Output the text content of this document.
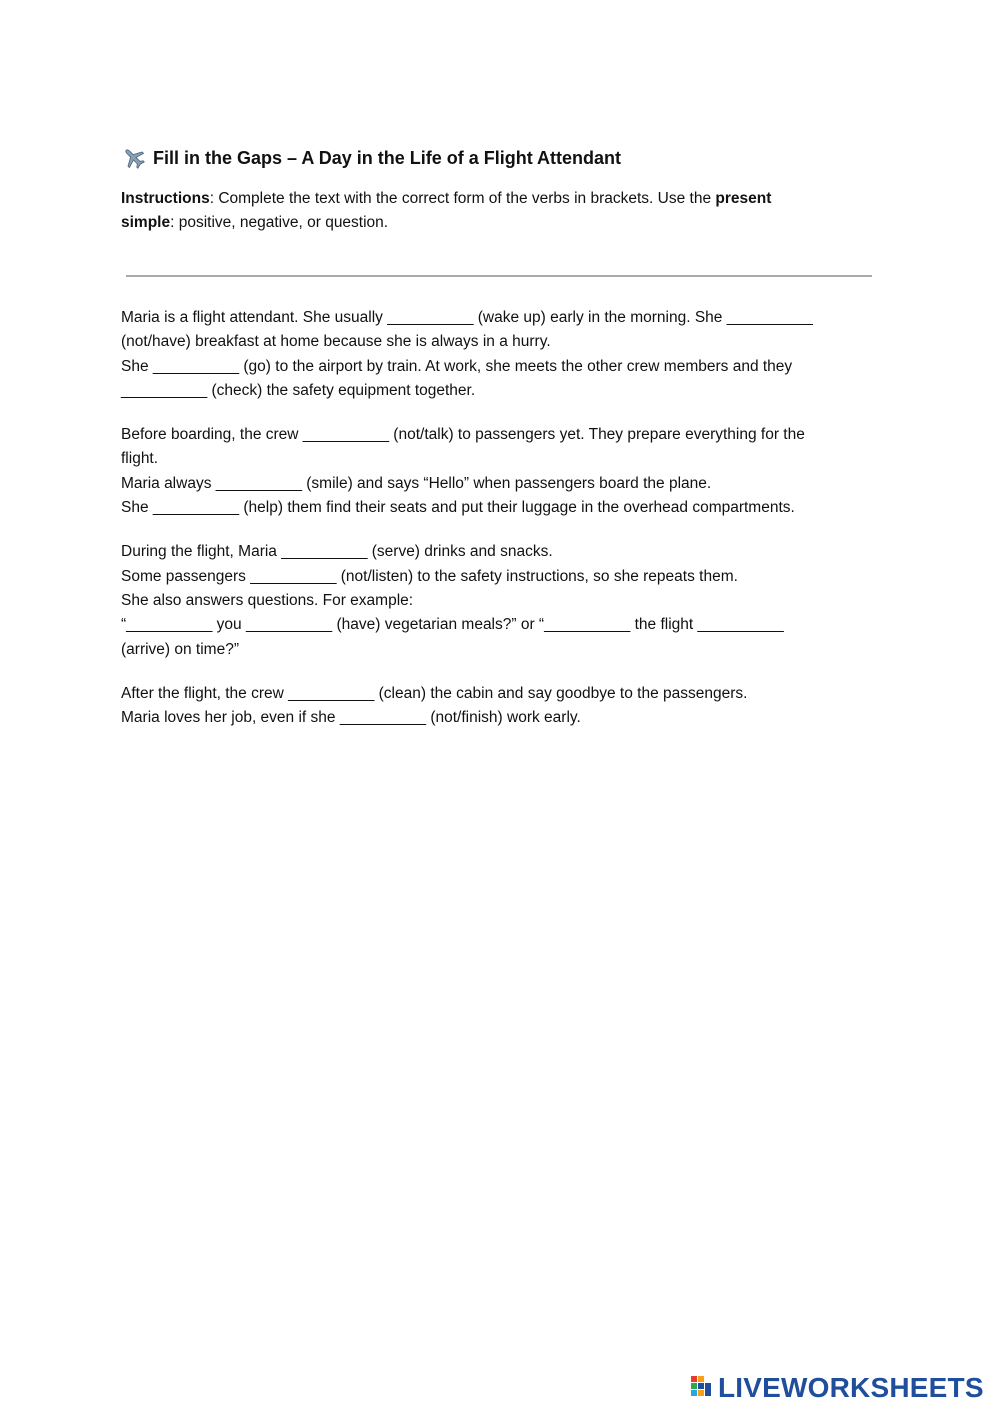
Fill in the Gaps – A Day in the Life of a Flight Attendant
Instructions: Complete the text with the correct form of the verbs in brackets. Use the present
simple: positive, negative, or question.
Maria is a flight attendant. She usually __________ (wake up) early in the morning. She __________
(not/have) breakfast at home because she is always in a hurry.
She __________ (go) to the airport by train. At work, she meets the other crew members and they
__________ (check) the safety equipment together.
Before boarding, the crew __________ (not/talk) to passengers yet. They prepare everything for the
flight.
Maria always __________ (smile) and says “Hello” when passengers board the plane.
She __________ (help) them find their seats and put their luggage in the overhead compartments.
During the flight, Maria __________ (serve) drinks and snacks.
Some passengers __________ (not/listen) to the safety instructions, so she repeats them.
She also answers questions. For example:
“__________ you __________ (have) vegetarian meals?” or “__________ the flight __________
(arrive) on time?”
After the flight, the crew __________ (clean) the cabin and say goodbye to the passengers.
Maria loves her job, even if she __________ (not/finish) work early.
LIVEWORKSHEETS
